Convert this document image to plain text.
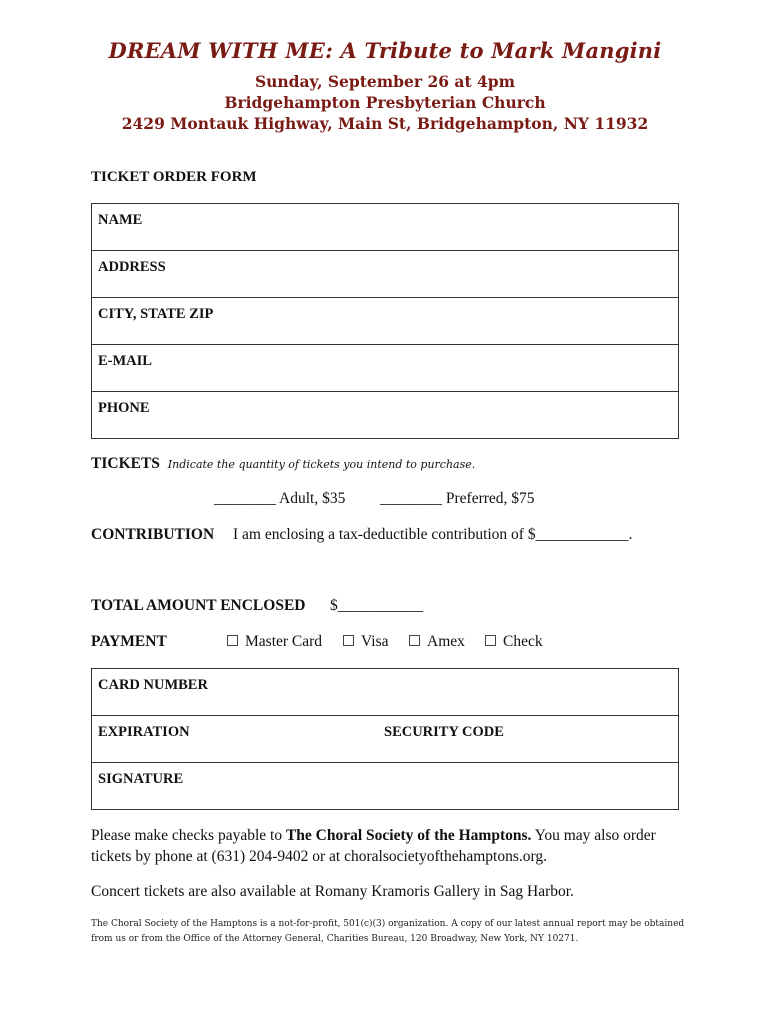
DREAM WITH ME: A Tribute to Mark Mangini
Sunday, September 26 at 4pm
Bridgehampton Presbyterian Church
2429 Montauk Highway, Main St, Bridgehampton, NY 11932
TICKET ORDER FORM
NAME
ADDRESS
CITY, STATE ZIP
E-MAIL
PHONE
TICKETS Indicate the quantity of tickets you intend to purchase.
________ Adult, $35 ________ Preferred, $75
CONTRIBUTION I am enclosing a tax-deductible contribution of $____________.
TOTAL AMOUNT ENCLOSED $___________
PAYMENT	Master Card	Visa	Amex	Check
CARD NUMBER
EXPIRATION	SECURITY CODE
SIGNATURE
Please make checks payable to The Choral Society of the Hamptons. You may also order tickets by phone at (631) 204-9402 or at choralsocietyofthehamptons.org.
Concert tickets are also available at Romany Kramoris Gallery in Sag Harbor.
The Choral Society of the Hamptons is a not-for-profit, 501(c)(3) organization. A copy of our latest annual report may be obtained from us or from the Office of the Attorney General, Charities Bureau, 120 Broadway, New York, NY 10271.
